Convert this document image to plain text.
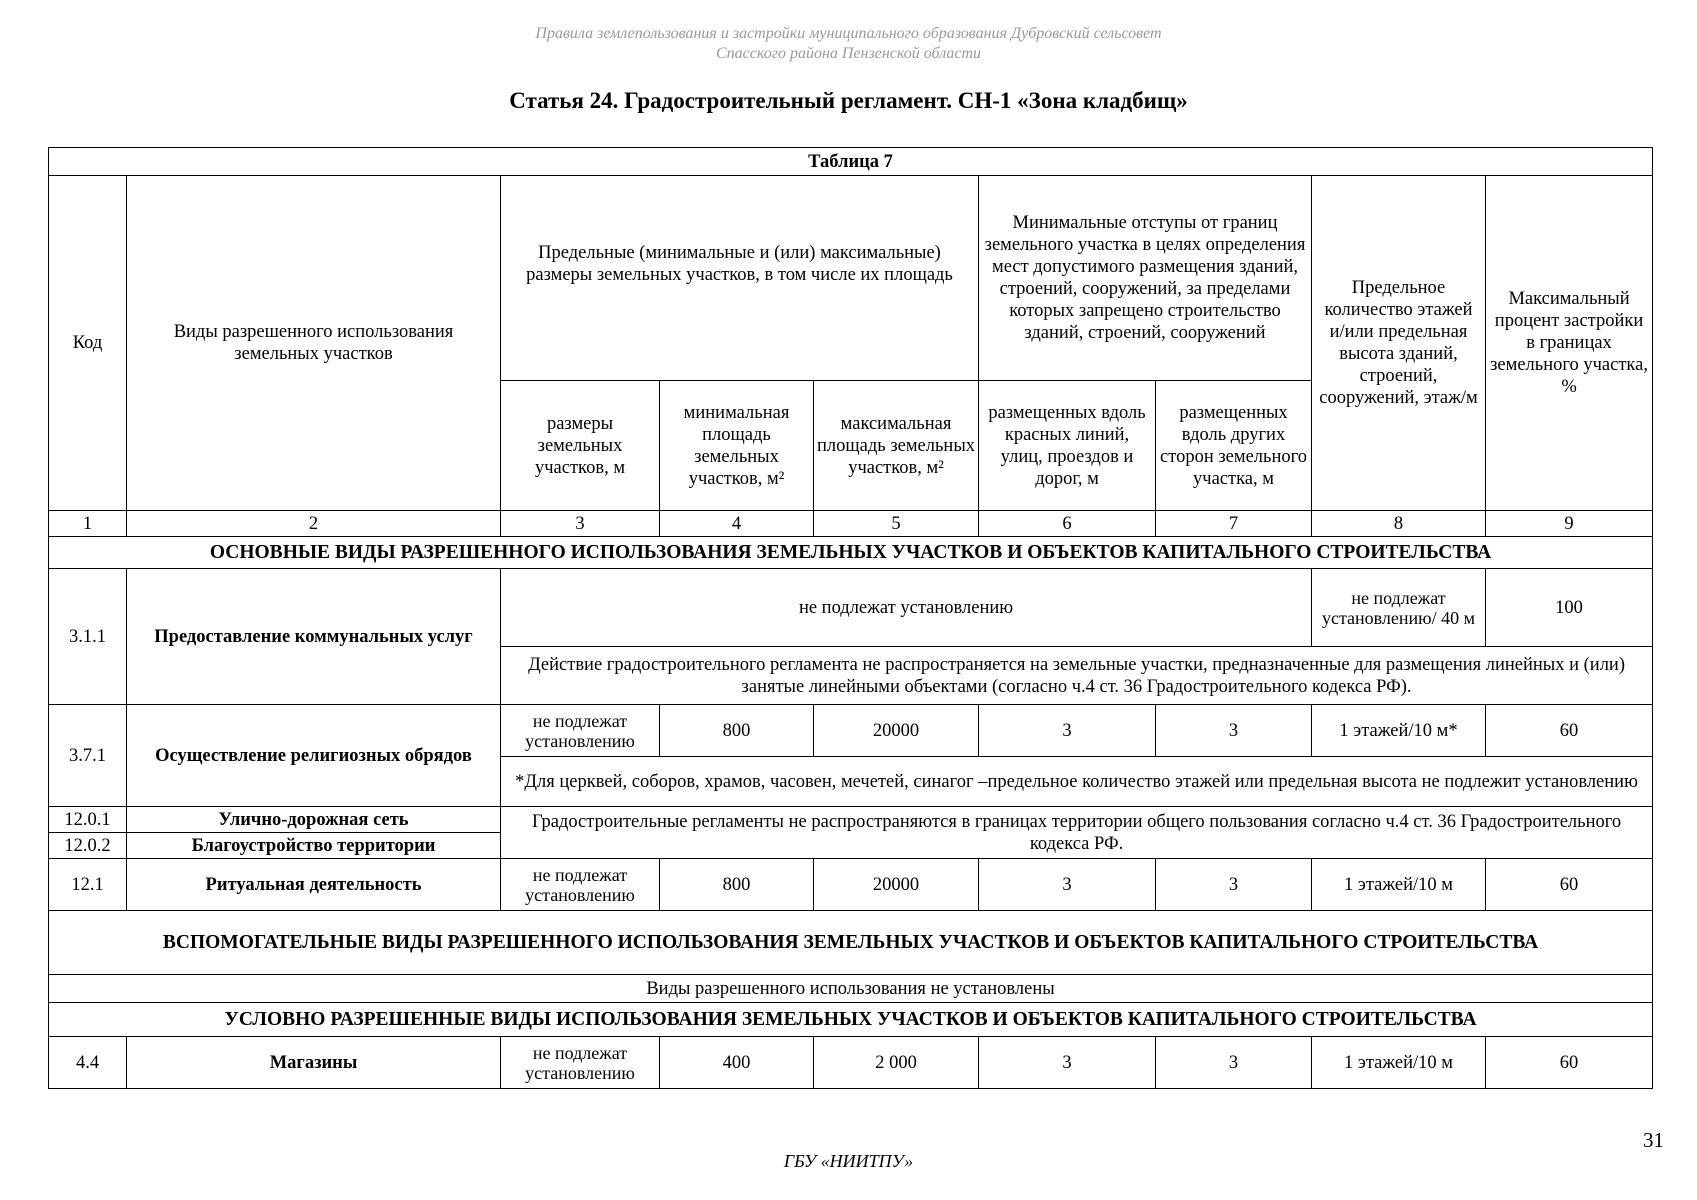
Правила землепользования и застройки муниципального образования Дубровский сельсовет
Спасского района Пензенской области
Статья 24. Градостроительный регламент. СН-1 «Зона кладбищ»
Таблица 7								
Код	Виды разрешенного использования земельных участков	Предельные (минимальные и (или) максимальные) размеры земельных участков, в том числе их площадь			Минимальные отступы от границ земельного участка в целях определения мест допустимого размещения зданий, строений, сооружений, за пределами которых запрещено строительство зданий, строений, сооружений		Предельное количество этажей и/или предельная высота зданий, строений, сооружений, этаж/м	Максимальный процент застройки в границах земельного участка, %
		размеры земельных участков, м	минимальная площадь земельных участков, м²	максимальная площадь земельных участков, м²	размещенных вдоль красных линий, улиц, проездов и дорог, м	размещенных вдоль других сторон земельного участка, м		
1	2	3	4	5	6	7	8	9
ОСНОВНЫЕ ВИДЫ РАЗРЕШЕННОГО ИСПОЛЬЗОВАНИЯ ЗЕМЕЛЬНЫХ УЧАСТКОВ И ОБЪЕКТОВ КАПИТАЛЬНОГО СТРОИТЕЛЬСТВА								
3.1.1	Предоставление коммунальных услуг	не подлежат установлению					не подлежат установлению/ 40 м	100
		Действие градостроительного регламента не распространяется на земельные участки, предназначенные для размещения линейных и (или) занятые линейными объектами (согласно ч.4 ст. 36 Градостроительного кодекса РФ).						
3.7.1	Осуществление религиозных обрядов	не подлежат установлению	800	20000	3	3	1 этажей/10 м*	60
		*Для церквей, соборов, храмов, часовен, мечетей, синагог –предельное количество этажей или предельная высота не подлежит установлению						
12.0.1	Улично-дорожная сеть	Градостроительные регламенты не распространяются в границах территории общего пользования согласно ч.4 ст. 36 Градостроительного кодекса РФ.						
12.0.2	Благоустройство территории							
12.1	Ритуальная деятельность	не подлежат установлению	800	20000	3	3	1 этажей/10 м	60
ВСПОМОГАТЕЛЬНЫЕ ВИДЫ РАЗРЕШЕННОГО ИСПОЛЬЗОВАНИЯ ЗЕМЕЛЬНЫХ УЧАСТКОВ И ОБЪЕКТОВ КАПИТАЛЬНОГО СТРОИТЕЛЬСТВА								
Виды разрешенного использования не установлены								
УСЛОВНО РАЗРЕШЕННЫЕ ВИДЫ ИСПОЛЬЗОВАНИЯ ЗЕМЕЛЬНЫХ УЧАСТКОВ И ОБЪЕКТОВ КАПИТАЛЬНОГО СТРОИТЕЛЬСТВА								
4.4	Магазины	не подлежат установлению	400	2 000	3	3	1 этажей/10 м	60
31
ГБУ «НИИТПУ»
